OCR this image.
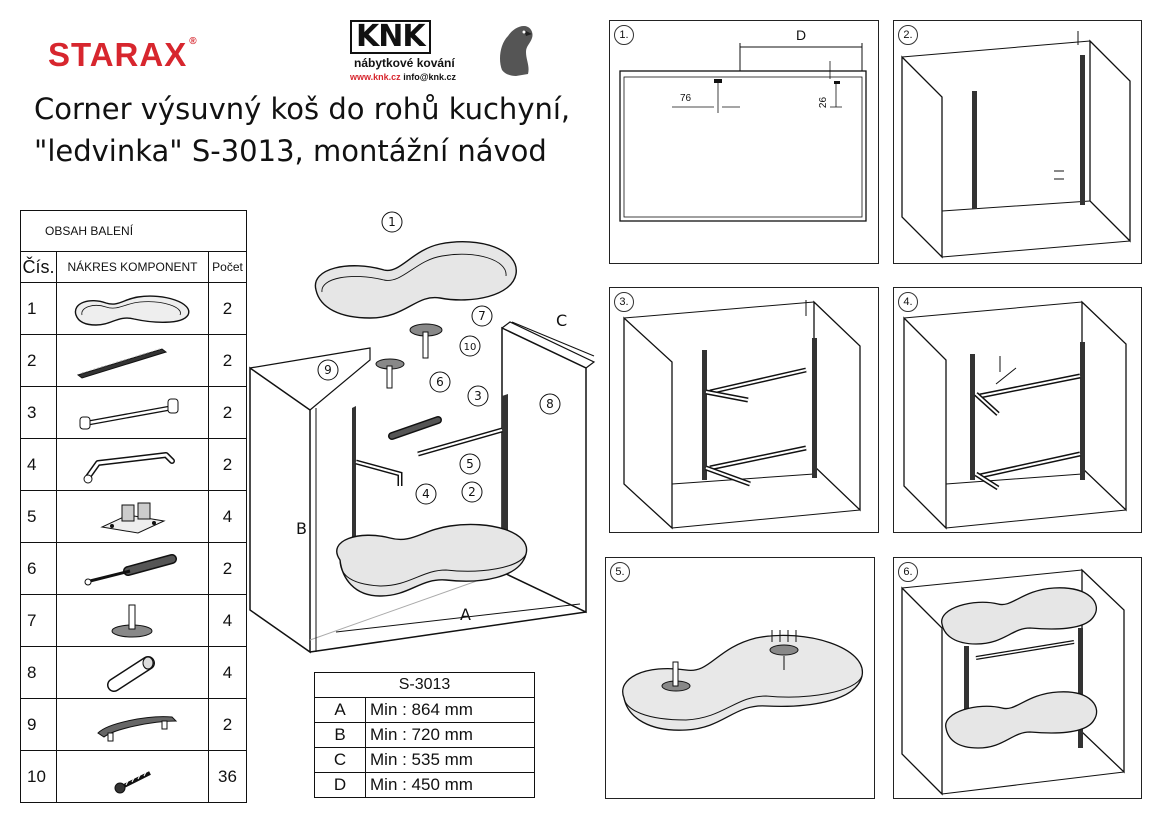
STARAX ®	KNK
nábytkové kování
www.knk.cz info@knk.cz
Corner výsuvný koš do rohů kuchyní,
"ledvinka" S-3013, montážní návod
OBSAH BALENÍ		
Čís.	NÁKRES KOMPONENT	Počet
1		2
2		2
3		2
4		2
5		4
6		2
7		4
8		4
9		2
10		36
1
2
3
4
5
6
7
8
9
10
A
B
C
S-3013	
A	Min : 864 mm
B	Min : 720 mm
C	Min : 535 mm
D	Min : 450 mm
1.	D
76	26
2.
3.	4.
5.	6.
